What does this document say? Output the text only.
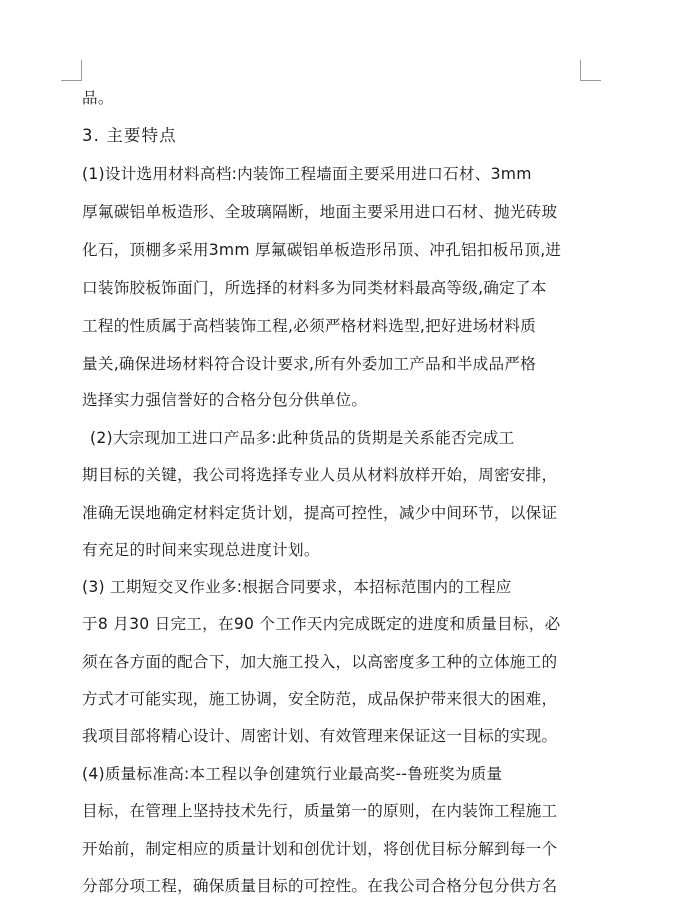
品。
3. 主要特点
(1)设计选用材料高档:内装饰工程墙面主要采用进口石材、3mm
厚氟碳铝单板造形、全玻璃隔断，地面主要采用进口石材、抛光砖玻
化石，顶棚多采用3mm 厚氟碳铝单板造形吊顶、冲孔铝扣板吊顶,进
口装饰胶板饰面门，所选择的材料多为同类材料最高等级,确定了本
工程的性质属于高档装饰工程,必须严格材料选型,把好进场材料质
量关,确保进场材料符合设计要求,所有外委加工产品和半成品严格
选择实力强信誉好的合格分包分供单位。
(2)大宗现加工进口产品多:此种货品的货期是关系能否完成工
期目标的关键，我公司将选择专业人员从材料放样开始，周密安排，
准确无误地确定材料定货计划，提高可控性，减少中间环节，以保证
有充足的时间来实现总进度计划。
(3) 工期短交叉作业多:根据合同要求，本招标范围内的工程应
于8 月30 日完工，在90 个工作天内完成既定的进度和质量目标，必
须在各方面的配合下，加大施工投入，以高密度多工种的立体施工的
方式才可能实现，施工协调，安全防范，成品保护带来很大的困难，
我项目部将精心设计、周密计划、有效管理来保证这一目标的实现。
(4)质量标准高:本工程以争创建筑行业最高奖--鲁班奖为质量
目标，在管理上坚持技术先行，质量第一的原则，在内装饰工程施工
开始前，制定相应的质量计划和创优计划，将创优目标分解到每一个
分部分项工程，确保质量目标的可控性。在我公司合格分包分供方名
